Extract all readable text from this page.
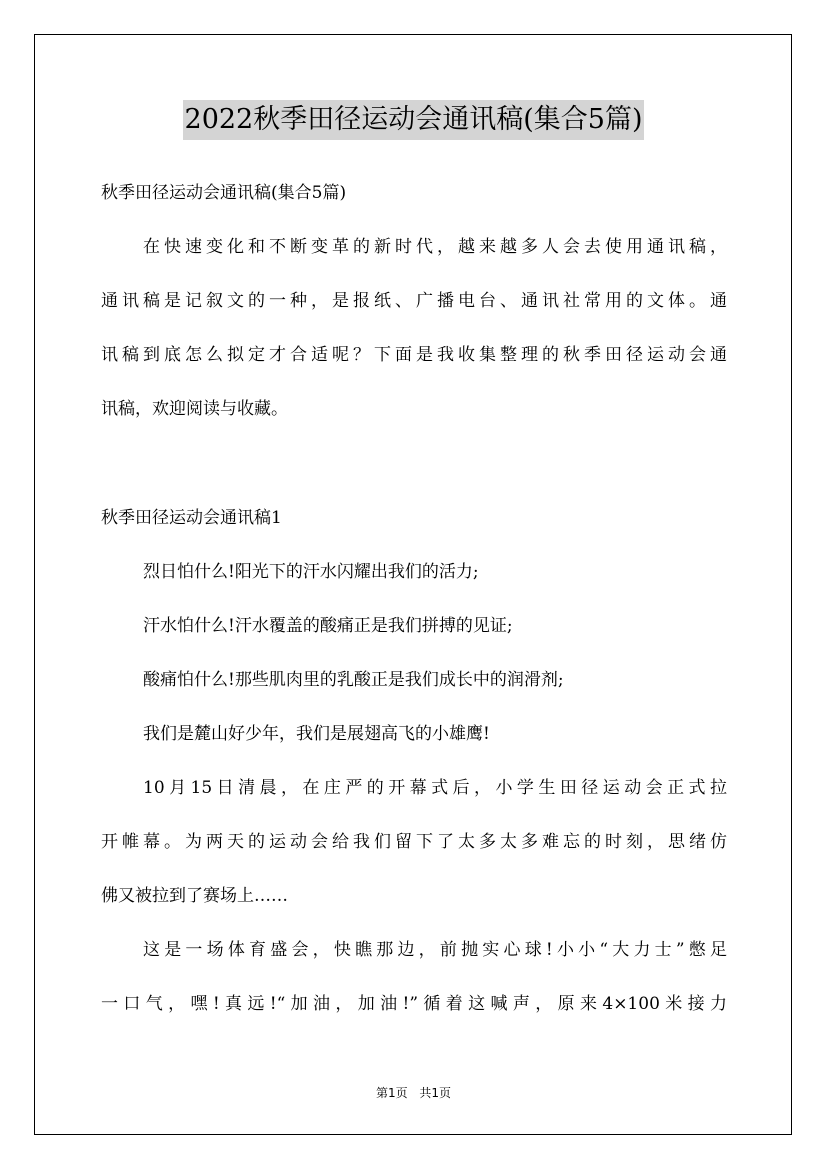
2022秋季田径运动会通讯稿(集合5篇)
秋季田径运动会通讯稿(集合5篇)
在快速变化和不断变革的新时代，越来越多人会去使用通讯稿，
通讯稿是记叙文的一种，是报纸、广播电台、通讯社常用的文体。通
讯稿到底怎么拟定才合适呢？下面是我收集整理的秋季田径运动会通
讯稿，欢迎阅读与收藏。
秋季田径运动会通讯稿1
烈日怕什么!阳光下的汗水闪耀出我们的活力;
汗水怕什么!汗水覆盖的酸痛正是我们拼搏的见证;
酸痛怕什么!那些肌肉里的乳酸正是我们成长中的润滑剂;
我们是麓山好少年，我们是展翅高飞的小雄鹰!
10月15日清晨，在庄严的开幕式后，小学生田径运动会正式拉
开帷幕。为两天的运动会给我们留下了太多太多难忘的时刻，思绪仿
佛又被拉到了赛场上……
这是一场体育盛会，快瞧那边，前抛实心球!小小“大力士”憋足
一口气，嘿!真远!“加油，加油!”循着这喊声，原来4×100米接力
第1页 共1页
